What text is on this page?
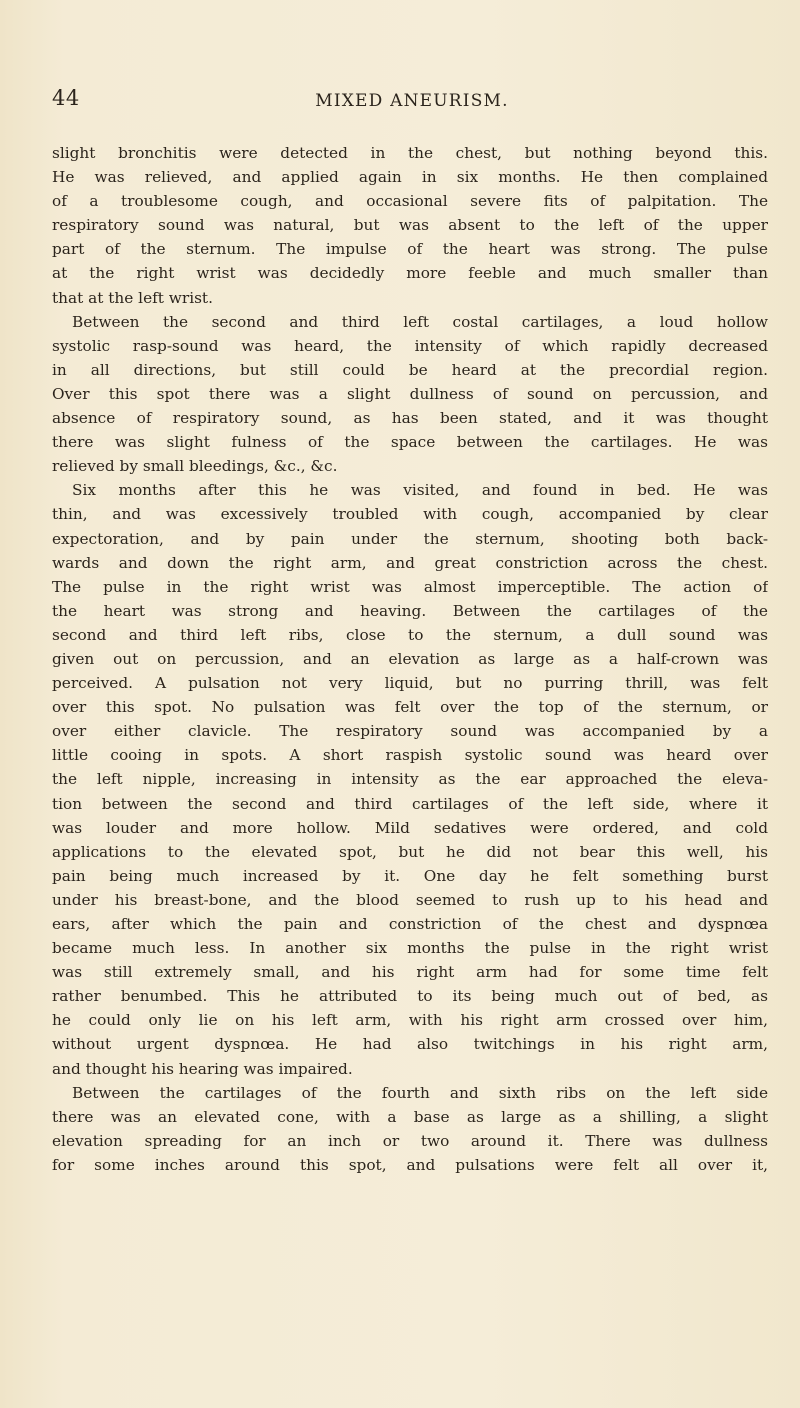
44	MIXED ANEURISM.
slight bronchitis were detected in the chest, but nothing beyond this.
He was relieved, and applied again in six months. He then complained
of a troublesome cough, and occasional severe fits of palpitation. The
respiratory sound was natural, but was absent to the left of the upper
part of the sternum. The impulse of the heart was strong. The pulse
at the right wrist was decidedly more feeble and much smaller than
that at the left wrist.
Between the second and third left costal cartilages, a loud hollow
systolic rasp-sound was heard, the intensity of which rapidly decreased
in all directions, but still could be heard at the precordial region.
Over this spot there was a slight dullness of sound on percussion, and
absence of respiratory sound, as has been stated, and it was thought
there was slight fulness of the space between the cartilages. He was
relieved by small bleedings, &c., &c.
Six months after this he was visited, and found in bed. He was
thin, and was excessively troubled with cough, accompanied by clear
expectoration, and by pain under the sternum, shooting both back-
wards and down the right arm, and great constriction across the chest.
The pulse in the right wrist was almost imperceptible. The action of
the heart was strong and heaving. Between the cartilages of the
second and third left ribs, close to the sternum, a dull sound was
given out on percussion, and an elevation as large as a half-crown was
perceived. A pulsation not very liquid, but no purring thrill, was felt
over this spot. No pulsation was felt over the top of the sternum, or
over either clavicle. The respiratory sound was accompanied by a
little cooing in spots. A short raspish systolic sound was heard over
the left nipple, increasing in intensity as the ear approached the eleva-
tion between the second and third cartilages of the left side, where it
was louder and more hollow. Mild sedatives were ordered, and cold
applications to the elevated spot, but he did not bear this well, his
pain being much increased by it. One day he felt something burst
under his breast-bone, and the blood seemed to rush up to his head and
ears, after which the pain and constriction of the chest and dyspnœa
became much less. In another six months the pulse in the right wrist
was still extremely small, and his right arm had for some time felt
rather benumbed. This he attributed to its being much out of bed, as
he could only lie on his left arm, with his right arm crossed over him,
without urgent dyspnœa. He had also twitchings in his right arm,
and thought his hearing was impaired.
Between the cartilages of the fourth and sixth ribs on the left side
there was an elevated cone, with a base as large as a shilling, a slight
elevation spreading for an inch or two around it. There was dullness
for some inches around this spot, and pulsations were felt all over it,
